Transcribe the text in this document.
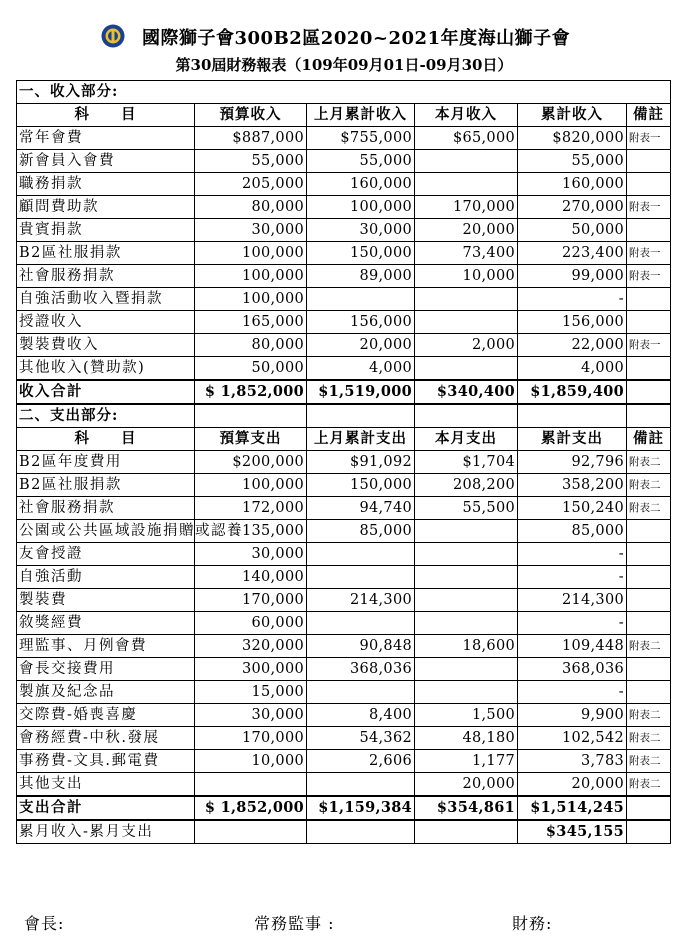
國際獅子會300B2區2020~2021年度海山獅子會
第30屆財務報表（109年09月01日-09月30日）
一、收入部分:					
科　　目	預算收入	上月累計收入	本月收入	累計收入	備註
常年會費	$887,000	$755,000	$65,000	$820,000	附表一
新會員入會費	55,000	55,000		55,000	
職務捐款	205,000	160,000		160,000	
顧問費助款	80,000	100,000	170,000	270,000	附表一
貴賓捐款	30,000	30,000	20,000	50,000	
B2區社服捐款	100,000	150,000	73,400	223,400	附表一
社會服務捐款	100,000	89,000	10,000	99,000	附表一
自強活動收入暨捐款	100,000			-	
授證收入	165,000	156,000		156,000	
製裝費收入	80,000	20,000	2,000	22,000	附表一
其他收入(贊助款)	50,000	4,000		4,000	
收入合計	$ 1,852,000	$1,519,000	$340,400	$1,859,400	
二、支出部分:					
科　　目	預算支出	上月累計支出	本月支出	累計支出	備註
B2區年度費用	$200,000	$91,092	$1,704	92,796	附表二
B2區社服捐款	100,000	150,000	208,200	358,200	附表二
社會服務捐款	172,000	94,740	55,500	150,240	附表二
公園或公共區域設施捐贈或認養	135,000	85,000		85,000	
友會授證	30,000			-	
自強活動	140,000			-	
製裝費	170,000	214,300		214,300	
敘獎經費	60,000			-	
理監事、月例會費	320,000	90,848	18,600	109,448	附表二
會長交接費用	300,000	368,036		368,036	
製旗及紀念品	15,000			-	
交際費-婚喪喜慶	30,000	8,400	1,500	9,900	附表二
會務經費-中秋.發展	170,000	54,362	48,180	102,542	附表二
事務費-文具.郵電費	10,000	2,606	1,177	3,783	附表二
其他支出			20,000	20,000	附表二
支出合計	$ 1,852,000	$1,159,384	$354,861	$1,514,245	
累月收入-累月支出				$345,155	
會長:	常務監事 :	財務:
